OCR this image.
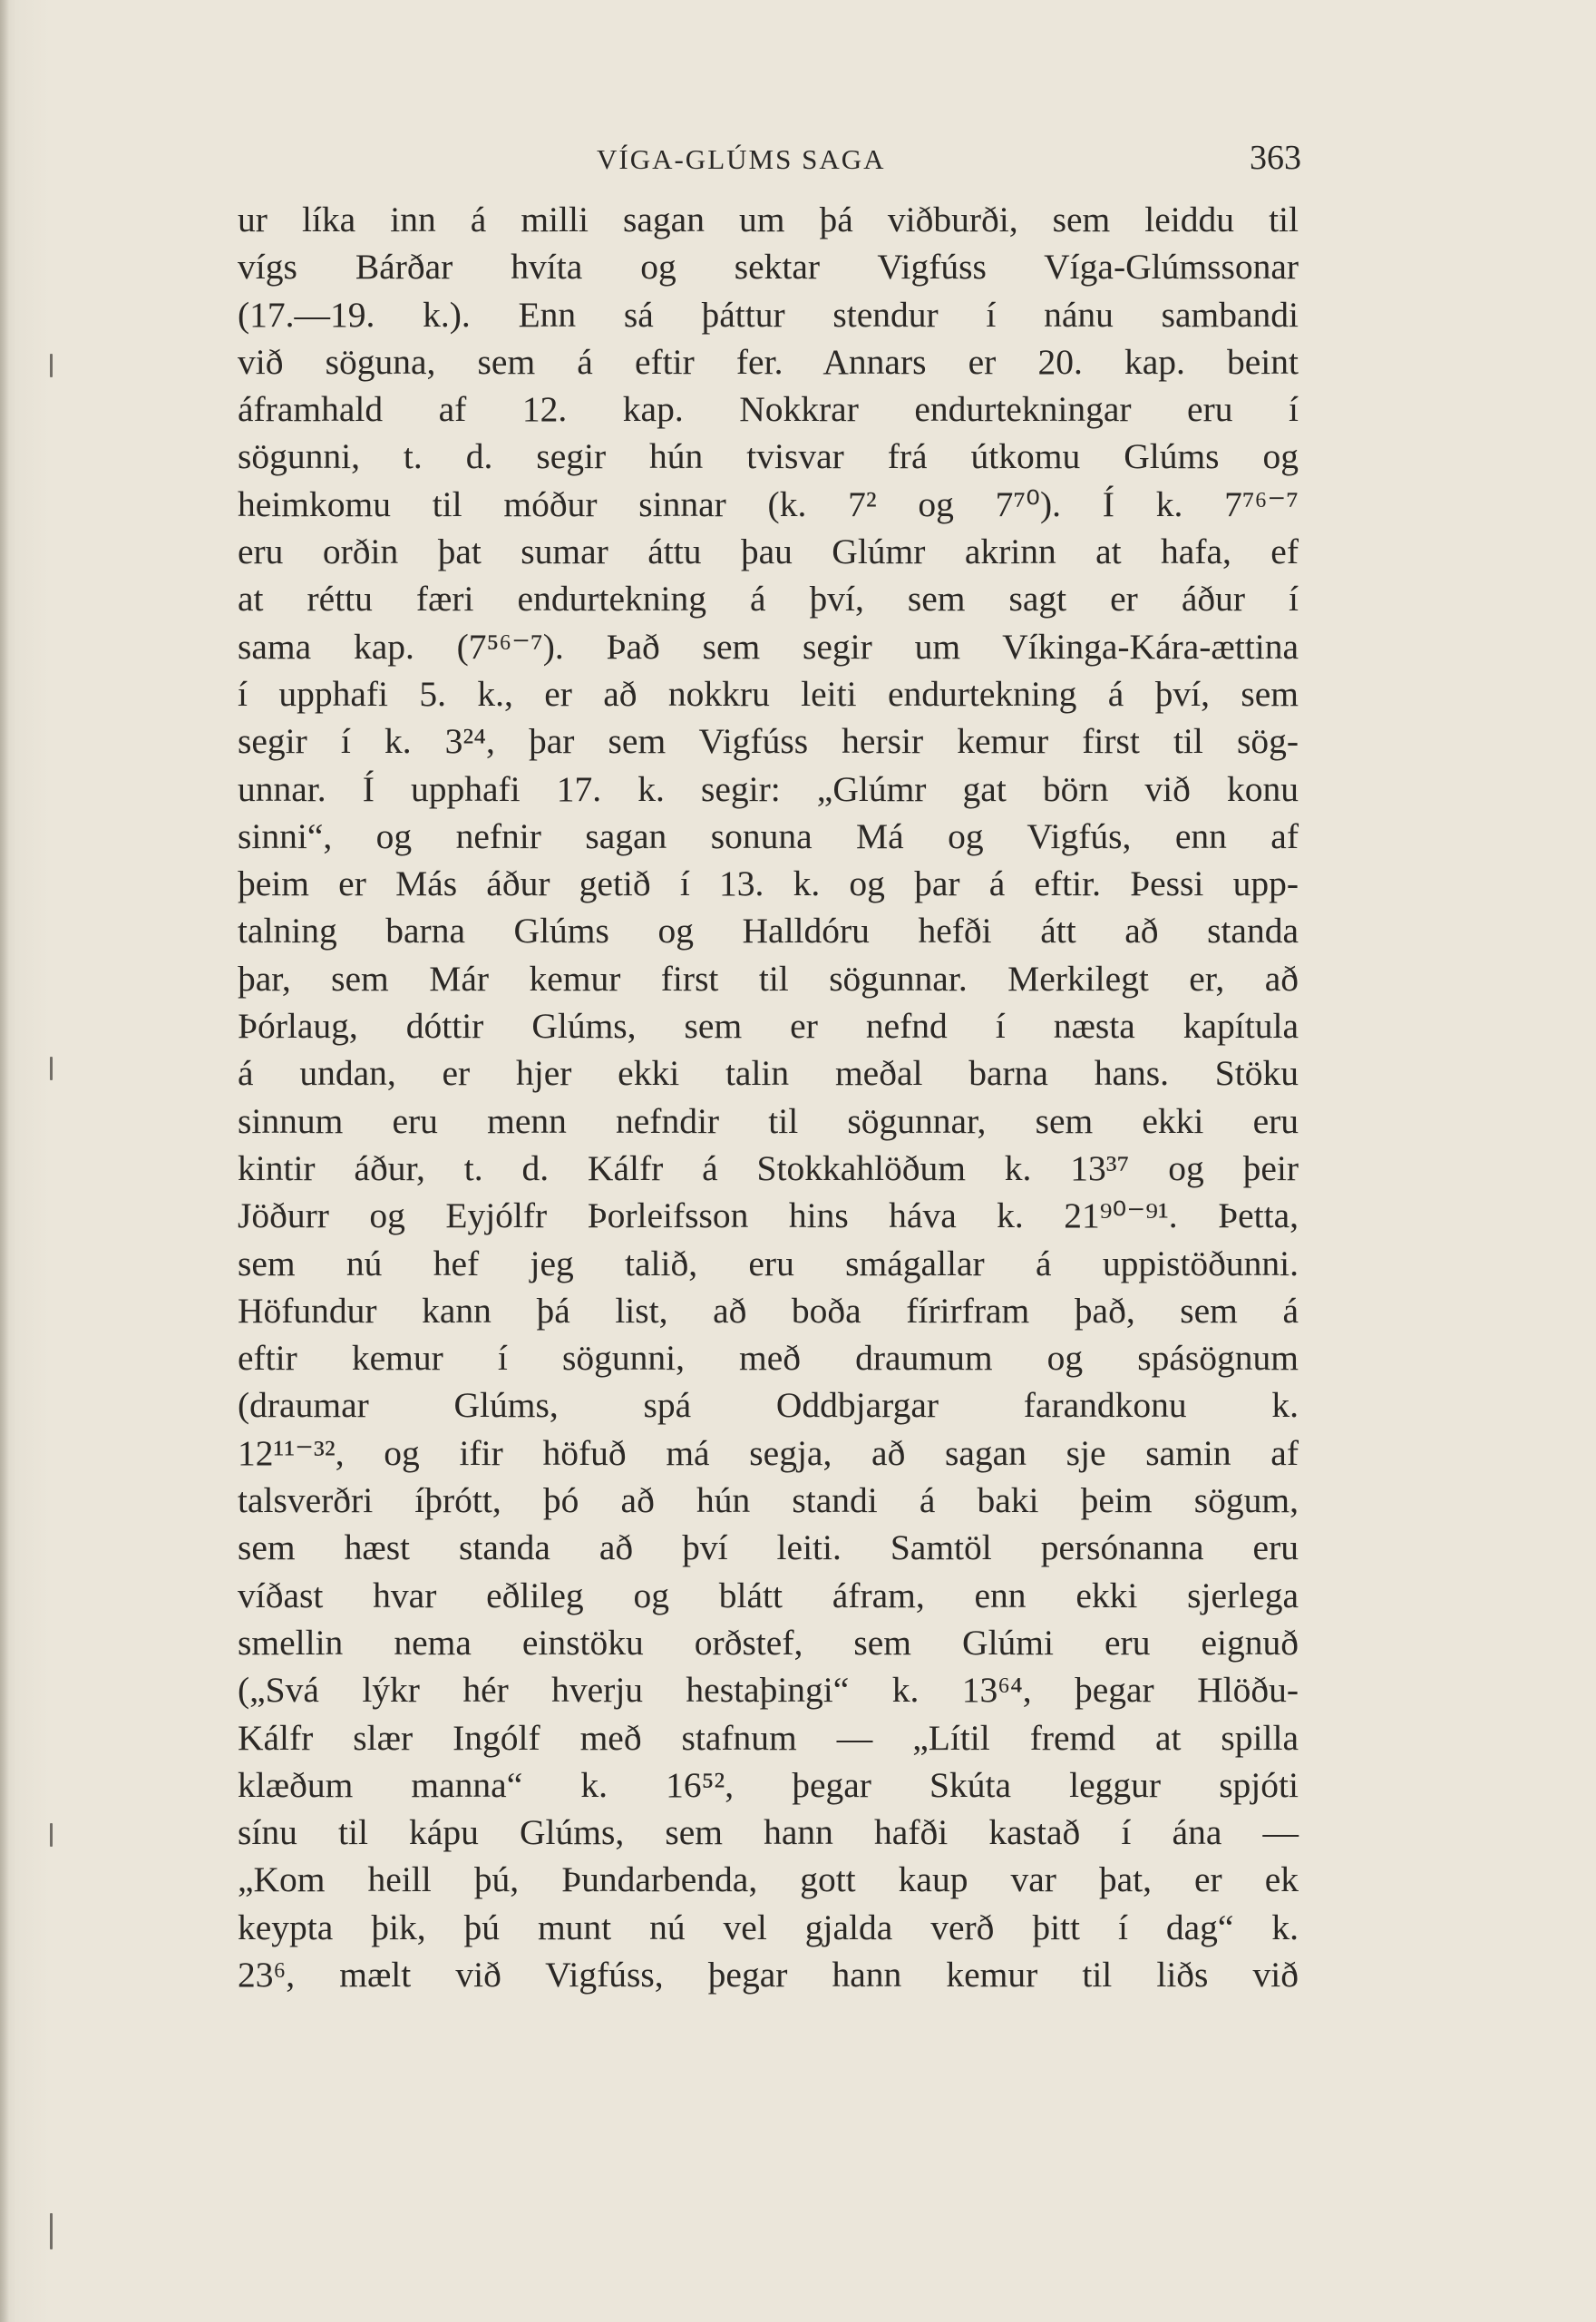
VÍGA-GLÚMS SAGA	363
ur líka inn á milli sagan um þá viðburði, sem leiddu til
vígs Bárðar hvíta og sektar Vigfúss Víga-Glúmssonar
(17.—19. k.). Enn sá þáttur stendur í nánu sambandi
við söguna, sem á eftir fer. Annars er 20. kap. beint
áframhald af 12. kap. Nokkrar endurtekningar eru í
sögunni, t. d. segir hún tvisvar frá útkomu Glúms og
heimkomu til móður sinnar (k. 7² og 7⁷⁰). Í k. 7⁷⁶⁻⁷
eru orðin þat sumar áttu þau Glúmr akrinn at hafa, ef
at réttu færi endurtekning á því, sem sagt er áður í
sama kap. (7⁵⁶⁻⁷). Það sem segir um Víkinga-Kára-ættina
í upphafi 5. k., er að nokkru leiti endurtekning á því, sem
segir í k. 3²⁴, þar sem Vigfúss hersir kemur first til sög-
unnar. Í upphafi 17. k. segir: „Glúmr gat börn við konu
sinni“, og nefnir sagan sonuna Má og Vigfús, enn af
þeim er Más áður getið í 13. k. og þar á eftir. Þessi upp-
talning barna Glúms og Halldóru hefði átt að standa
þar, sem Már kemur first til sögunnar. Merkilegt er, að
Þórlaug, dóttir Glúms, sem er nefnd í næsta kapítula
á undan, er hjer ekki talin meðal barna hans. Stöku
sinnum eru menn nefndir til sögunnar, sem ekki eru
kintir áður, t. d. Kálfr á Stokkahlöðum k. 13³⁷ og þeir
Jöðurr og Eyjólfr Þorleifsson hins háva k. 21⁹⁰⁻⁹¹. Þetta,
sem nú hef jeg talið, eru smágallar á uppistöðunni.
Höfundur kann þá list, að boða fírirfram það, sem á
eftir kemur í sögunni, með draumum og spásögnum
(draumar Glúms, spá Oddbjargar farandkonu k.
12¹¹⁻³², og ifir höfuð má segja, að sagan sje samin af
talsverðri íþrótt, þó að hún standi á baki þeim sögum,
sem hæst standa að því leiti. Samtöl persónanna eru
víðast hvar eðlileg og blátt áfram, enn ekki sjerlega
smellin nema einstöku orðstef, sem Glúmi eru eignuð
(„Svá lýkr hér hverju hestaþingi“ k. 13⁶⁴, þegar Hlöðu-
Kálfr slær Ingólf með stafnum — „Lítil fremd at spilla
klæðum manna“ k. 16⁵², þegar Skúta leggur spjóti
sínu til kápu Glúms, sem hann hafði kastað í ána —
„Kom heill þú, Þundarbenda, gott kaup var þat, er ek
keypta þik, þú munt nú vel gjalda verð þitt í dag“ k.
23⁶, mælt við Vigfúss, þegar hann kemur til liðs við
